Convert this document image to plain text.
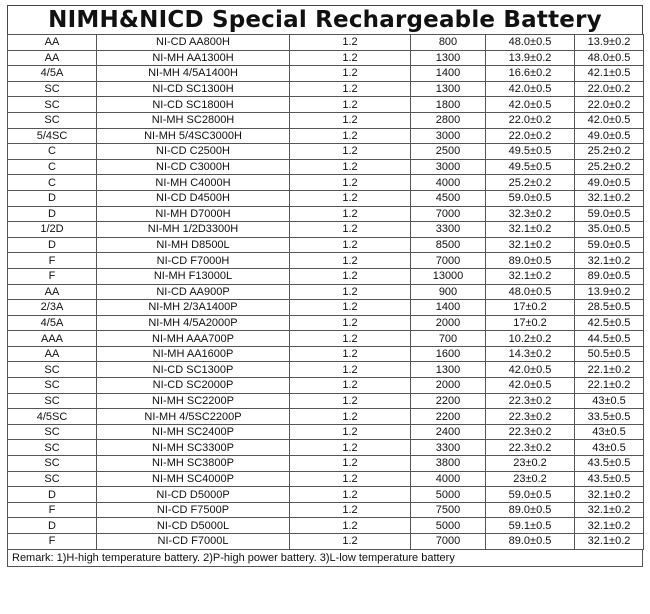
NIMH&NICD Special Rechargeable Battery
AA	NI-CD AA800H	1.2	800	48.0±0.5	13.9±0.2
AA	NI-MH AA1300H	1.2	1300	13.9±0.2	48.0±0.5
4/5A	NI-MH 4/5A1400H	1.2	1400	16.6±0.2	42.1±0.5
SC	NI-CD SC1300H	1.2	1300	42.0±0.5	22.0±0.2
SC	NI-CD SC1800H	1.2	1800	42.0±0.5	22.0±0.2
SC	NI-MH SC2800H	1.2	2800	22.0±0.2	42.0±0.5
5/4SC	NI-MH 5/4SC3000H	1.2	3000	22.0±0.2	49.0±0.5
C	NI-CD C2500H	1.2	2500	49.5±0.5	25.2±0.2
C	NI-CD C3000H	1.2	3000	49.5±0.5	25.2±0.2
C	NI-MH C4000H	1.2	4000	25.2±0.2	49.0±0.5
D	NI-CD D4500H	1.2	4500	59.0±0.5	32.1±0.2
D	NI-MH D7000H	1.2	7000	32.3±0.2	59.0±0.5
1/2D	NI-MH 1/2D3300H	1.2	3300	32.1±0.2	35.0±0.5
D	NI-MH D8500L	1.2	8500	32.1±0.2	59.0±0.5
F	NI-CD F7000H	1.2	7000	89.0±0.5	32.1±0.2
F	NI-MH F13000L	1.2	13000	32.1±0.2	89.0±0.5
AA	NI-CD AA900P	1.2	900	48.0±0.5	13.9±0.2
2/3A	NI-MH 2/3A1400P	1.2	1400	17±0.2	28.5±0.5
4/5A	NI-MH 4/5A2000P	1.2	2000	17±0.2	42.5±0.5
AAA	NI-MH AAA700P	1.2	700	10.2±0.2	44.5±0.5
AA	NI-MH AA1600P	1.2	1600	14.3±0.2	50.5±0.5
SC	NI-CD SC1300P	1.2	1300	42.0±0.5	22.1±0.2
SC	NI-CD SC2000P	1.2	2000	42.0±0.5	22.1±0.2
SC	NI-MH SC2200P	1.2	2200	22.3±0.2	43±0.5
4/5SC	NI-MH 4/5SC2200P	1.2	2200	22.3±0.2	33.5±0.5
SC	NI-MH SC2400P	1.2	2400	22.3±0.2	43±0.5
SC	NI-MH SC3300P	1.2	3300	22.3±0.2	43±0.5
SC	NI-MH SC3800P	1.2	3800	23±0.2	43.5±0.5
SC	NI-MH SC4000P	1.2	4000	23±0.2	43.5±0.5
D	NI-CD D5000P	1.2	5000	59.0±0.5	32.1±0.2
F	NI-CD F7500P	1.2	7500	89.0±0.5	32.1±0.2
D	NI-CD D5000L	1.2	5000	59.1±0.5	32.1±0.2
F	NI-CD F7000L	1.2	7000	89.0±0.5	32.1±0.2
Remark: 1)H-high temperature battery. 2)P-high power battery. 3)L-low temperature battery
